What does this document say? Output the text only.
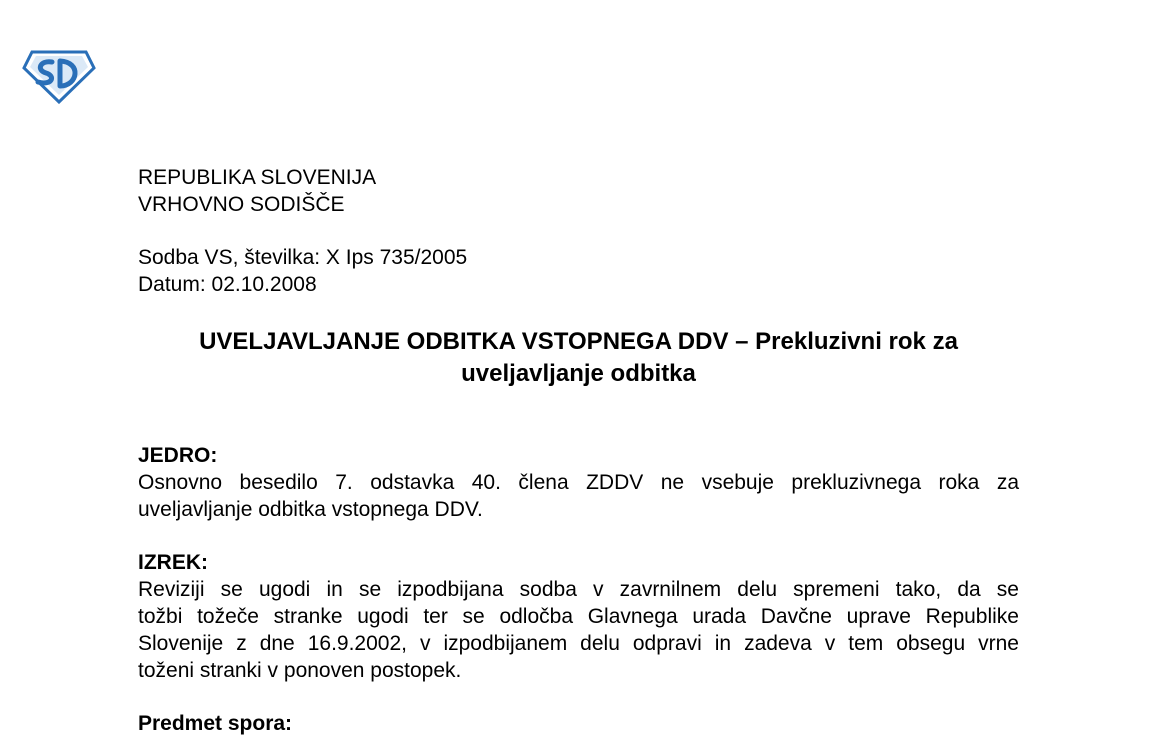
REPUBLIKA SLOVENIJA
VRHOVNO SODIŠČE
Sodba VS, številka: X Ips 735/2005
Datum: 02.10.2008
UVELJAVLJANJE ODBITKA VSTOPNEGA DDV – Prekluzivni rok za
uveljavljanje odbitka
JEDRO:
Osnovno besedilo 7. odstavka 40. člena ZDDV ne vsebuje prekluzivnega roka za
uveljavljanje odbitka vstopnega DDV.
IZREK:
Reviziji se ugodi in se izpodbijana sodba v zavrnilnem delu spremeni tako, da se
tožbi tožeče stranke ugodi ter se odločba Glavnega urada Davčne uprave Republike
Slovenije z dne 16.9.2002, v izpodbijanem delu odpravi in zadeva v tem obsegu vrne
toženi stranki v ponoven postopek.
Predmet spora:
